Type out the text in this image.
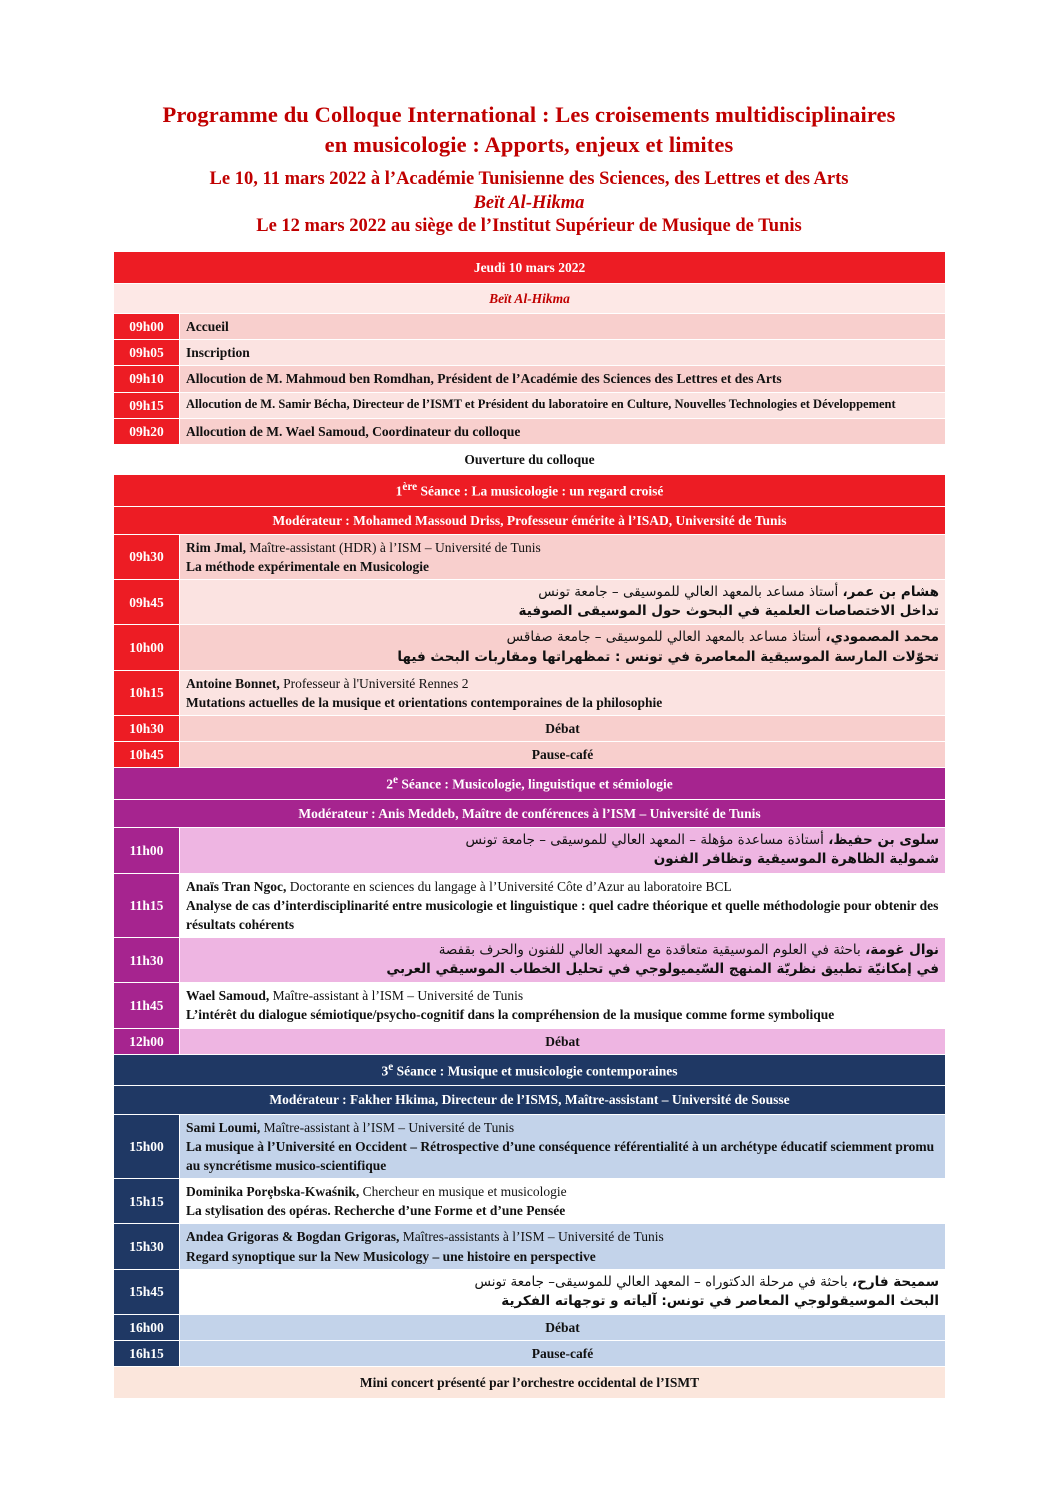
Programme du Colloque International : Les croisements multidisciplinaires
en musicologie : Apports, enjeux et limites
Le 10, 11 mars 2022 à l’Académie Tunisienne des Sciences, des Lettres et des Arts
Beït Al-Hikma
Le 12 mars 2022 au siège de l’Institut Supérieur de Musique de Tunis
Jeudi 10 mars 2022	
Beït Al-Hikma	
09h00	Accueil
09h05	Inscription
09h10	Allocution de M. Mahmoud ben Romdhan, Président de l’Académie des Sciences des Lettres et des Arts
09h15	Allocution de M. Samir Bécha, Directeur de l’ISMT et Président du laboratoire en Culture, Nouvelles Technologies et Développement
09h20	Allocution de M. Wael Samoud, Coordinateur du colloque
Ouverture du colloque	
1ère Séance : La musicologie : un regard croisé	
Modérateur : Mohamed Massoud Driss, Professeur émérite à l’ISAD, Université de Tunis	
09h30	Rim Jmal, Maître-assistant (HDR) à l’ISM – Université de Tunis
La méthode expérimentale en Musicologie

09h45	هشام بن عمر، أستاذ مساعد بالمعهد العالي للموسيقى – جامعة تونس
تداخل الاختصاصات العلمية في البحوث حول الموسيقى الصوفية

10h00	محمد المصمودي، أستاذ مساعد بالمعهد العالي للموسيقى – جامعة صفاقس
تحوّلات المارسة الموسيقية المعاصرة في تونس : تمظهراتها ومقاربات البحث فيها

10h15	Antoine Bonnet, Professeur à l'Université Rennes 2
Mutations actuelles de la musique et orientations contemporaines de la philosophie

10h30	Débat
10h45	Pause-café
2e Séance : Musicologie, linguistique et sémiologie	
Modérateur : Anis Meddeb, Maître de conférences à l’ISM – Université de Tunis	
11h00	سلوى بن حفيظ، أستاذة مساعدة مؤهلة – المعهد العالي للموسيقى – جامعة تونس
شمولية الظاهرة الموسيقية وتظافر الفنون

11h15	Anaïs Tran Ngoc, Doctorante en sciences du langage à l’Université Côte d’Azur au laboratoire BCL
Analyse de cas d’interdisciplinarité entre musicologie et linguistique : quel cadre théorique et quelle méthodologie pour obtenir des résultats cohérents

11h30	نوال غومة، باحثة في العلوم الموسيقية متعاقدة مع المعهد العالي للفنون والحرف بقفصة
في إمكانيّة تطبيق نظريّة المنهج السّيميولوجي في تحليل الخطاب الموسيقي العربي

11h45	Wael Samoud, Maître-assistant à l’ISM – Université de Tunis
L’intérêt du dialogue sémiotique/psycho-cognitif dans la compréhension de la musique comme forme symbolique

12h00	Débat
3e Séance : Musique et musicologie contemporaines	
Modérateur : Fakher Hkima, Directeur de l’ISMS, Maître-assistant – Université de Sousse	
15h00	Sami Loumi, Maître-assistant à l’ISM – Université de Tunis
La musique à l’Université en Occident – Rétrospective d’une conséquence référentialité à un archétype éducatif sciemment promu au syncrétisme musico-scientifique

15h15	Dominika Porȩbska-Kwaśnik, Chercheur en musique et musicologie
La stylisation des opéras. Recherche d’une Forme et d’une Pensée

15h30	Andea Grigoras & Bogdan Grigoras, Maîtres-assistants à l’ISM – Université de Tunis
Regard synoptique sur la New Musicology – une histoire en perspective

15h45	سميحة فارح، باحثة في مرحلة الدكتوراه – المعهد العالي للموسيقى– جامعة تونس
البحث الموسيقولوجي المعاصر في تونس: آلياته و توجهاته الفكرية

16h00	Débat
16h15	Pause-café
Mini concert présenté par l’orchestre occidental de l’ISMT	
